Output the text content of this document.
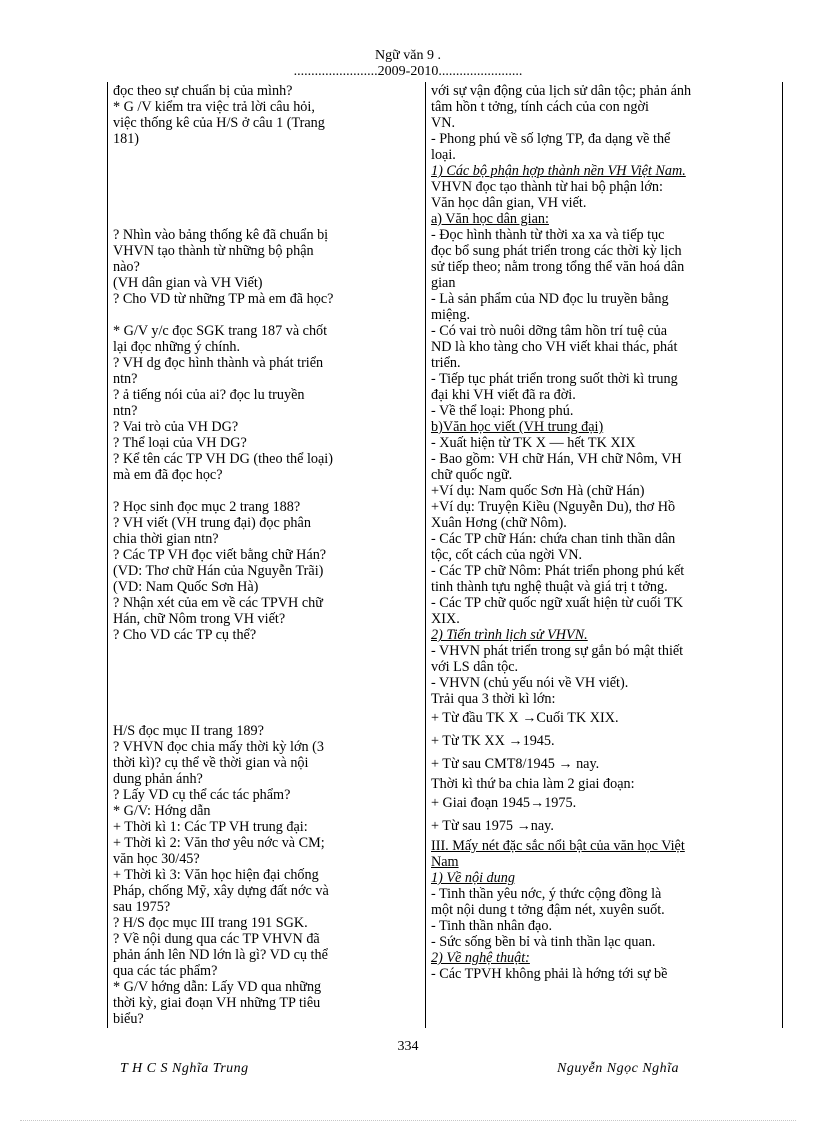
Ngữ văn 9 .
........................2009-2010........................
đọc theo sự chuẩn bị của mình?
* G /V kiểm tra việc trả lời câu hỏi,
việc thống kê của H/S ở câu 1 (Trang
181)
? Nhìn vào bảng thống kê đã chuẩn bị
VHVN tạo thành từ những bộ phận
nào?
(VH dân gian và VH Viết)
? Cho VD từ những TP mà em đã học?
* G/V y/c đọc SGK trang 187 và chốt
lại đọc những ý chính.
? VH dg đọc hình thành và phát triển
ntn?
? ả tiếng nói của ai? đọc lu truyền
ntn?
? Vai trò của VH DG?
? Thể loại của VH DG?
? Kể tên các TP VH DG (theo thể loại)
mà em đã đọc học?
? Học sinh đọc mục 2 trang 188?
? VH viết (VH trung đại) đọc phân
chia thời gian ntn?
? Các TP VH đọc viết bằng chữ Hán?
(VD: Thơ chữ Hán của Nguyễn Trãi)
(VD: Nam Quốc Sơn Hà)
? Nhận xét của em về các TPVH chữ
Hán, chữ Nôm trong VH viết?
? Cho VD các TP cụ thể?
H/S đọc mục II trang 189?
? VHVN đọc chia mấy thời kỳ lớn (3
thời kì)? cụ thể về thời gian và nội
dung phản ánh?
? Lấy VD cụ thể các tác phẩm?
* G/V: Hớng dẫn
+ Thời kì 1: Các TP VH trung đại:
+ Thời kì 2: Văn thơ yêu nớc và CM;
văn học 30/45?
+ Thời kì 3: Văn học hiện đại chống
Pháp, chống Mỹ, xây dựng đất nớc và
sau 1975?
? H/S đọc mục III trang 191 SGK.
? Về nội dung qua các TP VHVN đã
phản ánh lên ND lớn là gì? VD cụ thể
qua các tác phẩm?
* G/V hớng dẫn: Lấy VD qua những
thời kỳ, giai đoạn VH những TP tiêu
biểu?
với sự vận động của lịch sử dân tộc; phản ánh
tâm hồn t tởng, tính cách của con ngời
VN.
- Phong phú về số lợng TP, đa dạng về thể
loại.
1) Các bộ phận hợp thành nền VH Việt Nam.
VHVN đọc tạo thành từ hai bộ phận lớn:
Văn học dân gian, VH viết.
a) Văn học dân gian:
- Đọc hình thành từ thời xa xa và tiếp tục
đọc bổ sung phát triển trong các thời kỳ lịch
sử tiếp theo; nằm trong tổng thể văn hoá dân
gian
- Là sản phẩm của ND đọc lu truyền bằng
miệng.
- Có vai trò nuôi dỡng tâm hồn trí tuệ của
ND là kho tàng cho VH viết khai thác, phát
triển.
- Tiếp tục phát triển trong suốt thời kì trung
đại khi VH viết đã ra đời.
- Về thể loại: Phong phú.
b)Văn học viết (VH trung đại)
- Xuất hiện từ TK X — hết TK XIX
- Bao gồm: VH chữ Hán, VH chữ Nôm, VH
chữ quốc ngữ.
+Ví dụ: Nam quốc Sơn Hà (chữ Hán)
+Ví dụ: Truyện Kiều (Nguyễn Du), thơ Hồ
Xuân Hơng (chữ Nôm).
- Các TP chữ Hán: chứa chan tinh thần dân
tộc, cốt cách của ngời VN.
- Các TP chữ Nôm: Phát triển phong phú kết
tinh thành tựu nghệ thuật và giá trị t tởng.
- Các TP chữ quốc ngữ xuất hiện từ cuối TK
XIX.
2) Tiến trình lịch sử VHVN.
- VHVN phát triển trong sự gắn bó mật thiết
với LS dân tộc.
- VHVN (chủ yếu nói về VH viết).
Trải qua 3 thời kì lớn:
+ Từ đầu TK X →Cuối TK XIX.
+ Từ TK XX →1945.
+ Từ sau CMT8/1945 → nay.
Thời kì thứ ba chia làm 2 giai đoạn:
+ Giai đoạn 1945→1975.
+ Từ sau 1975 →nay.
III. Mấy nét đặc sắc nổi bật của văn học Việt
Nam
1) Về nội dung
- Tinh thần yêu nớc, ý thức cộng đồng là
một nội dung t tởng đậm nét, xuyên suốt.
- Tinh thần nhân đạo.
- Sức sống bền bỉ và tinh thần lạc quan.
2) Về nghệ thuật:
- Các TPVH không phải là hớng tới sự bề
334
T H C S Nghĩa Trung	Nguyễn Ngọc Nghĩa
